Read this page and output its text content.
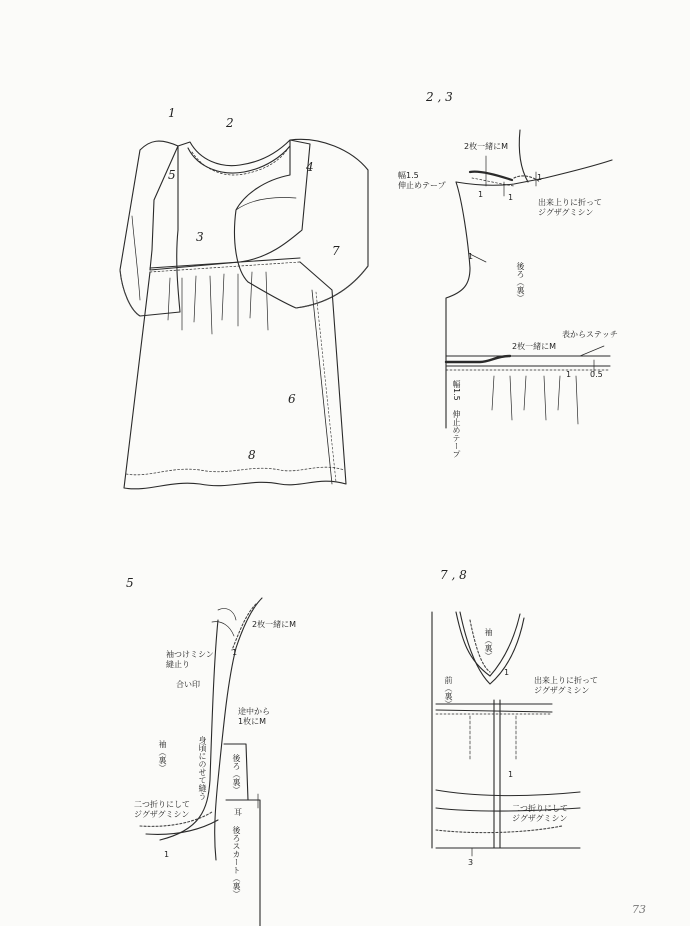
2 , 3
5
7 , 8
1
2
3
4
5
6
7
8
2枚一緒にM
幅1.5
伸止めテープ
出来上りに折って
ジグザグミシン
後ろ（裏）
表からステッチ
2枚一緒にM
幅1.5
伸止めテープ
1
1
1
1
1 0.5
2枚一緒にM
袖つけミシン
縫止り
合い印
途中から
1枚にM
袖（裏）	身頃にのせて縫う	後ろ（裏）
耳
二つ折りにして
ジグザグミシン
後ろスカート（裏）
1
1
袖（裏）
前（裏）	出来上りに折って
ジグザグミシン
二つ折りにして
ジグザグミシン
1
1
3
73
